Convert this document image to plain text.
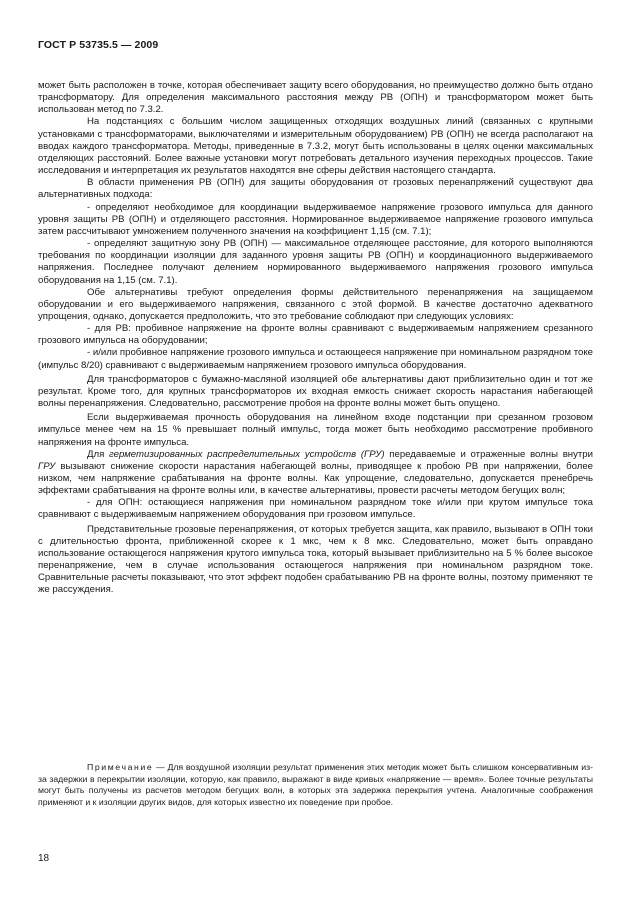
ГОСТ Р 53735.5 — 2009

может быть расположен в точке, которая обеспечивает защиту всего оборудования, но преимущество должно быть отдано трансформатору. Для определения максимального расстояния между РВ (ОПН) и трансформатором может быть использован метод по 7.3.2.

На подстанциях с большим числом защищенных отходящих воздушных линий (связанных с крупными установками с трансформаторами, выключателями и измерительным оборудованием) РВ (ОПН) не всегда располагают на вводах каждого трансформатора. Методы, приведенные в 7.3.2, могут быть использованы в целях оценки максимальных отделяющих расстояний. Более важные установки могут потребовать детального изучения переходных процессов. Такие исследования и интерпретация их результатов находятся вне сферы действия настоящего стандарта.

В области применения РВ (ОПН) для защиты оборудования от грозовых перенапряжений существуют два альтернативных подхода:

- определяют необходимое для координации выдерживаемое напряжение грозового импульса для данного уровня защиты РВ (ОПН) и отделяющего расстояния. Нормированное выдерживаемое напряжение грозового импульса затем рассчитывают умножением полученного значения на коэффициент 1,15 (см. 7.1);

- определяют защитную зону РВ (ОПН) — максимальное отделяющее расстояние, для которого выполняются требования по координации изоляции для заданного уровня защиты РВ (ОПН) и координационного выдерживаемого напряжения. Последнее получают делением нормированного выдерживаемого напряжения грозового импульса оборудования на 1,15 (см. 7.1).

Обе альтернативы требуют определения формы действительного перенапряжения на защищаемом оборудовании и его выдерживаемого напряжения, связанного с этой формой. В качестве достаточно адекватного упрощения, однако, допускается предположить, что это требование соблюдают при следующих условиях:

- для РВ: пробивное напряжение на фронте волны сравнивают с выдерживаемым напряжением срезанного грозового импульса на оборудовании;

- и/или пробивное напряжение грозового импульса и остающееся напряжение при номинальном разрядном токе (импульс 8/20) сравнивают с выдерживаемым напряжением грозового импульса оборудования.

Для трансформаторов с бумажно-масляной изоляцией обе альтернативы дают приблизительно один и тот же результат. Кроме того, для крупных трансформаторов их входная емкость снижает скорость нарастания набегающей волны перенапряжения. Следовательно, рассмотрение пробоя на фронте волны может быть опущено.

Если выдерживаемая прочность оборудования на линейном входе подстанции при срезанном грозовом импульсе менее чем на 15 % превышает полный импульс, тогда может быть необходимо рассмотрение пробивного напряжения на фронте импульса.

Для герметизированных распределительных устройств (ГРУ) передаваемые и отраженные волны внутри ГРУ вызывают снижение скорости нарастания набегающей волны, приводящее к пробою РВ при напряжении, более низком, чем напряжение срабатывания на фронте волны. Как упрощение, следовательно, допускается пренебречь эффектами срабатывания на фронте волны или, в качестве альтернативы, провести расчеты методом бегущих волн;

- для ОПН: остающиеся напряжения при номинальном разрядном токе и/или при крутом импульсе тока сравнивают с выдерживаемым напряжением оборудования при грозовом импульсе.

Представительные грозовые перенапряжения, от которых требуется защита, как правило, вызывают в ОПН токи с длительностью фронта, приближенной скорее к 1 мкс, чем к 8 мкс. Следовательно, может быть оправдано использование остающегося напряжения крутого импульса тока, который вызывает приблизительно на 5 % более высокое перенапряжение, чем в случае использования остающегося напряжения при номинальном разрядном токе. Сравнительные расчеты показывают, что этот эффект подобен срабатыванию РВ на фронте волны, поэтому применяют те же рассуждения.

Примечание — Для воздушной изоляции результат применения этих методик может быть слишком консервативным из-за задержки в перекрытии изоляции, которую, как правило, выражают в виде кривых «напряжение — время». Более точные результаты могут быть получены из расчетов методом бегущих волн, в которых эта задержка перекрытия учтена. Аналогичные соображения применяют и к изоляции других видов, для которых известно их поведение при пробое.

18
